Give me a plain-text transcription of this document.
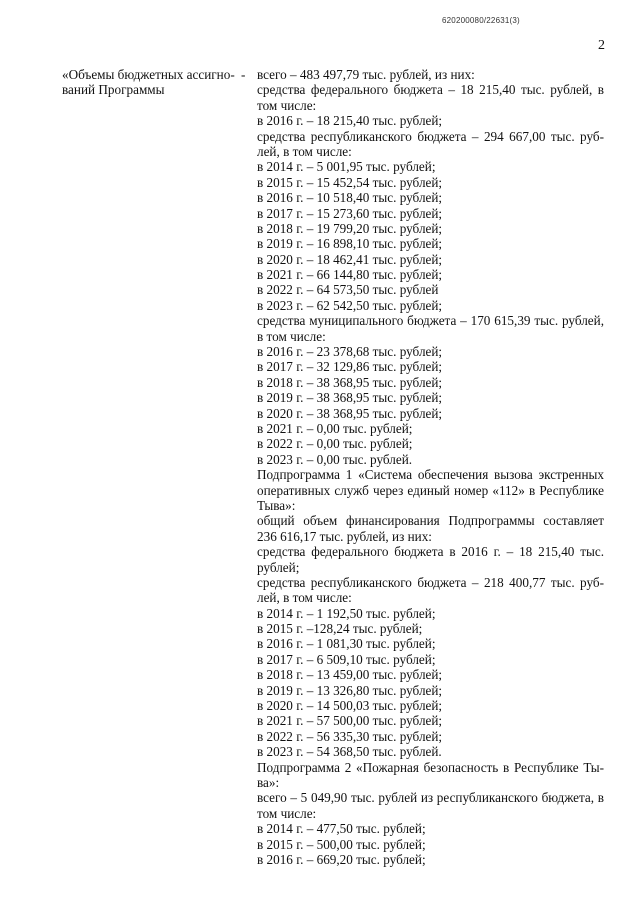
620200080/22631(3)
2
«Объемы бюджетных ассигно-
ваний Программы
- всего – 483 497,79 тыс. рублей, из них:
средства федерального бюджета – 18 215,40 тыс. рублей, в
том числе:
в 2016 г. – 18 215,40 тыс. рублей;
средства республиканского бюджета – 294 667,00 тыс. руб-
лей, в том числе:
в 2014 г. – 5 001,95 тыс. рублей;
в 2015 г. – 15 452,54 тыс. рублей;
в 2016 г. – 10 518,40 тыс. рублей;
в 2017 г. – 15 273,60 тыс. рублей;
в 2018 г. – 19 799,20 тыс. рублей;
в 2019 г. – 16 898,10 тыс. рублей;
в 2020 г. – 18 462,41 тыс. рублей;
в 2021 г. – 66 144,80 тыс. рублей;
в 2022 г. – 64 573,50 тыс. рублей
в 2023 г. – 62 542,50 тыс. рублей;
средства муниципального бюджета – 170 615,39 тыс. рублей,
в том числе:
в 2016 г. – 23 378,68 тыс. рублей;
в 2017 г. – 32 129,86 тыс. рублей;
в 2018 г. – 38 368,95 тыс. рублей;
в 2019 г. – 38 368,95 тыс. рублей;
в 2020 г. – 38 368,95 тыс. рублей;
в 2021 г. – 0,00 тыс. рублей;
в 2022 г. – 0,00 тыс. рублей;
в 2023 г. – 0,00 тыс. рублей.
Подпрограмма 1 «Система обеспечения вызова экстренных
оперативных служб через единый номер «112» в Республике
Тыва»:
общий объем финансирования Подпрограммы составляет
236 616,17 тыс. рублей, из них:
средства федерального бюджета в 2016 г. – 18 215,40 тыс.
рублей;
средства республиканского бюджета – 218 400,77 тыс. руб-
лей, в том числе:
в 2014 г. – 1 192,50 тыс. рублей;
в 2015 г. –128,24 тыс. рублей;
в 2016 г. – 1 081,30 тыс. рублей;
в 2017 г. – 6 509,10 тыс. рублей;
в 2018 г. – 13 459,00 тыс. рублей;
в 2019 г. – 13 326,80 тыс. рублей;
в 2020 г. – 14 500,03 тыс. рублей;
в 2021 г. – 57 500,00 тыс. рублей;
в 2022 г. – 56 335,30 тыс. рублей;
в 2023 г. – 54 368,50 тыс. рублей.
Подпрограмма 2 «Пожарная безопасность в Республике Ты-
ва»:
всего – 5 049,90 тыс. рублей из республиканского бюджета, в
том числе:
в 2014 г. – 477,50 тыс. рублей;
в 2015 г. – 500,00 тыс. рублей;
в 2016 г. – 669,20 тыс. рублей;
